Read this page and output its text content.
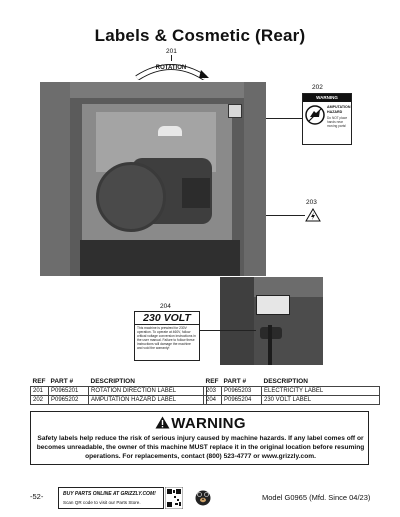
Labels & Cosmetic (Rear)
201
ROTATION
202
WARNING
AMPUTATION HAZARD
Do NOT place hands near moving parts!
203
204
230 VOLT
This machine is prewired for 230V operation. To operate at 460V, follow critical voltage conversion instructions in the user manual. Failure to follow these instructions will damage the machine and void the warranty!
REF	PART #	DESCRIPTION
201	P0965201	ROTATION DIRECTION LABEL
202	P0965202	AMPUTATION HAZARD LABEL
REF	PART #	DESCRIPTION
203	P0965203	ELECTRICITY LABEL
204	P0965204	230 VOLT LABEL
WARNING
Safety labels help reduce the risk of serious injury caused by machine hazards. If any label comes off or becomes unreadable, the owner of this machine MUST replace it in the original location before resuming operations. For replacements, contact (800) 523-4777 or www.grizzly.com.
-52-	BUY PARTS ONLINE AT GRIZZLY.COM!
Scan QR code to visit our Parts Store.
Model G0965 (Mfd. Since 04/23)
